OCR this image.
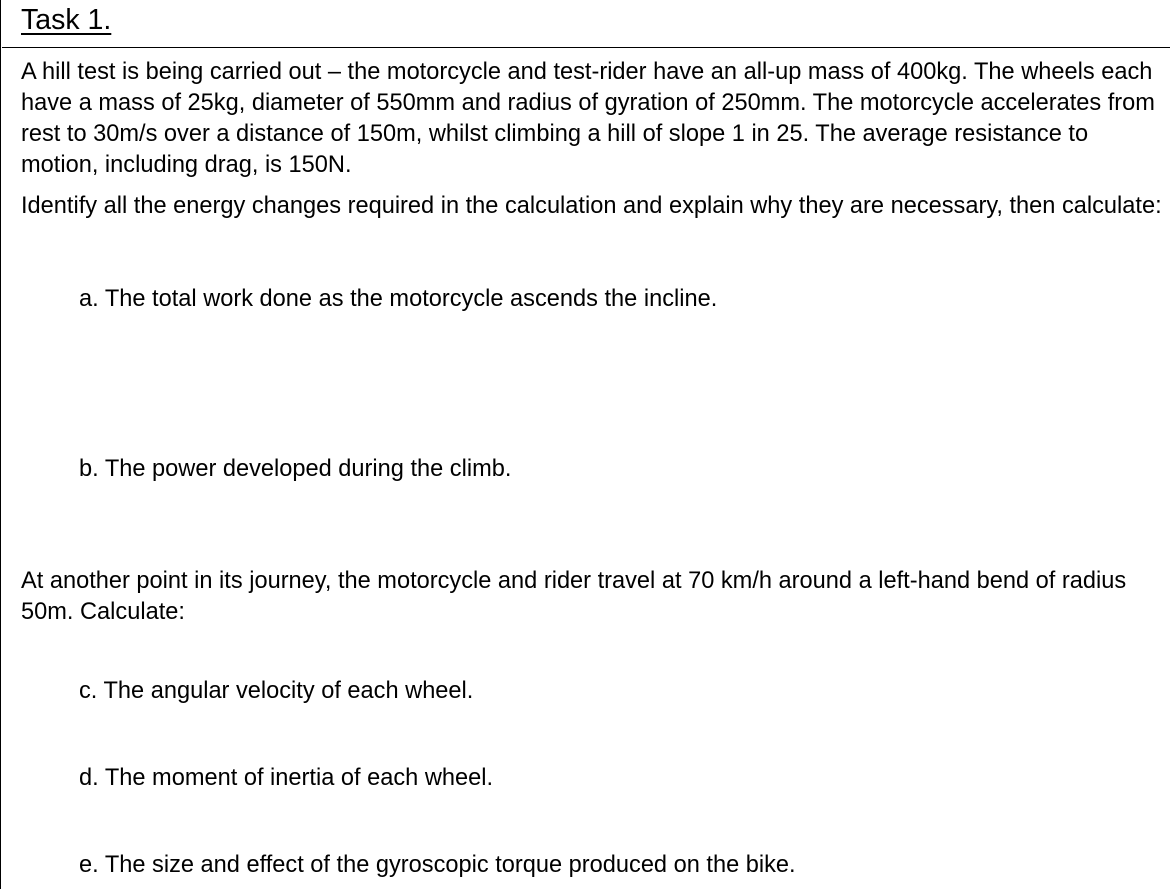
Task 1.

A hill test is being carried out – the motorcycle and test-rider have an all-up mass of 400kg. The wheels each have a mass of 25kg, diameter of 550mm and radius of gyration of 250mm. The motorcycle accelerates from rest to 30m/s over a distance of 150m, whilst climbing a hill of slope 1 in 25. The average resistance to motion, including drag, is 150N.

Identify all the energy changes required in the calculation and explain why they are necessary, then calculate:

a. The total work done as the motorcycle ascends the incline.
b. The power developed during the climb.

At another point in its journey, the motorcycle and rider travel at 70 km/h around a left-hand bend of radius 50m. Calculate:

c. The angular velocity of each wheel.
d. The moment of inertia of each wheel.
e. The size and effect of the gyroscopic torque produced on the bike.
